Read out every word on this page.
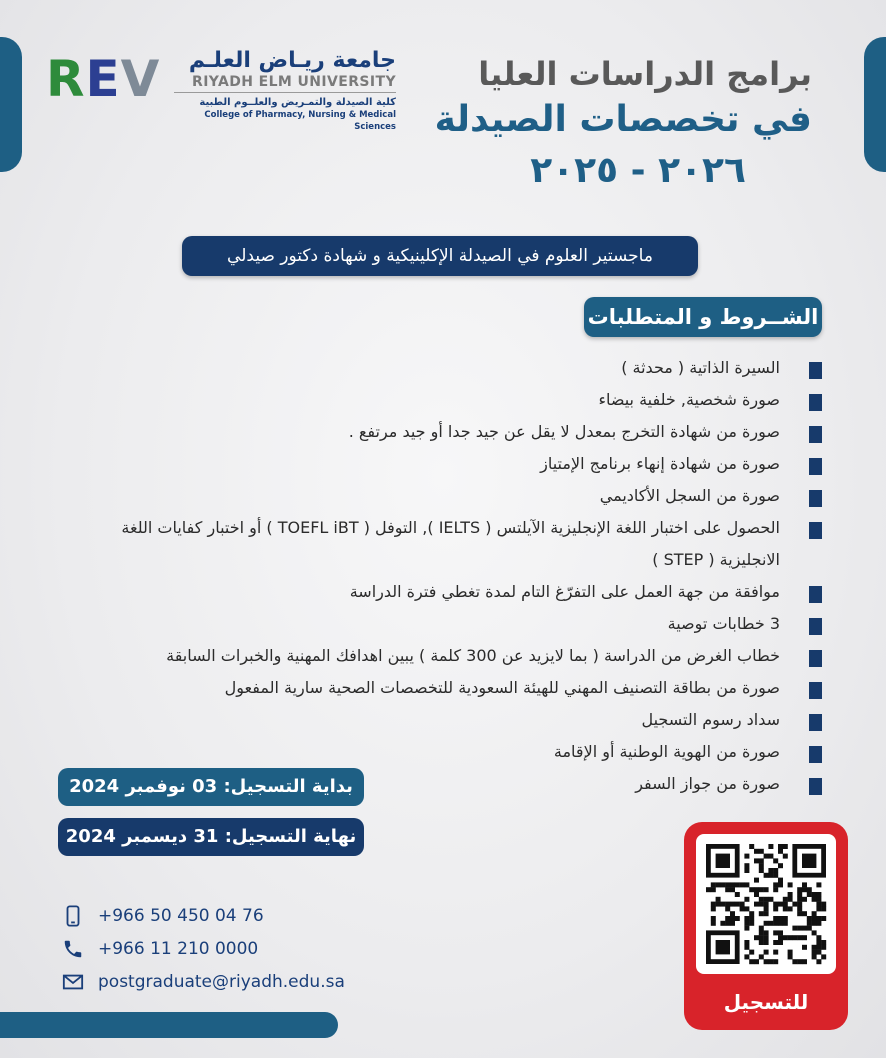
REV	جامعة ريـاض العلـم
RIYADH ELM UNIVERSITY
كلية الصيدلة والتمـريض والعلــوم الطبية
College of Pharmacy, Nursing & Medical Sciences
برامج الدراسات العليا
في تخصصات الصيدلة
٢٠٢٦ - ٢٠٢٥
ماجستير العلوم في الصيدلة الإكلينيكية و شهادة دكتور صيدلي
الشــروط و المتطلبات
السيرة الذاتية ( محدثة )
صورة شخصية, خلفية بيضاء
صورة من شهادة التخرج بمعدل لا يقل عن جيد جدا أو جيد مرتفع .
صورة من شهادة إنهاء برنامج الإمتياز
صورة من السجل الأكاديمي
الحصول على اختبار اللغة الإنجليزية الآيلتس ( IELTS ), التوفل ( TOEFL iBT ) أو اختبار كفايات اللغة الانجليزية ( STEP )
موافقة من جهة العمل على التفرّغ التام لمدة تغطي فترة الدراسة
3 خطابات توصية
خطاب الغرض من الدراسة ( بما لايزيد عن 300 كلمة ) يبين اهدافك المهنية والخبرات السابقة
صورة من بطاقة التصنيف المهني للهيئة السعودية للتخصصات الصحية سارية المفعول
سداد رسوم التسجيل
صورة من الهوية الوطنية أو الإقامة
صورة من جواز السفر
بداية التسجيل: 03 نوفمبر 2024
نهاية التسجيل: 31 ديسمبر 2024
+966 50 450 04 76
+966 11 210 0000
postgraduate@riyadh.edu.sa
للتسجيل
